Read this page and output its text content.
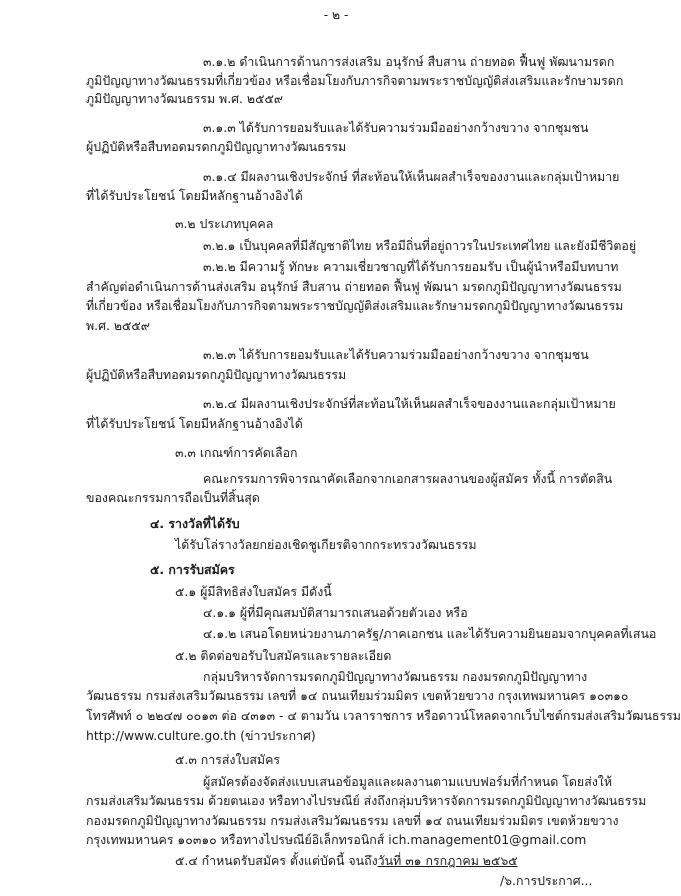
- ๒ -
๓.๑.๒ ดำเนินการด้านการส่งเสริม อนุรักษ์ สืบสาน ถ่ายทอด ฟื้นฟู พัฒนามรดก
ภูมิปัญญาทางวัฒนธรรมที่เกี่ยวข้อง หรือเชื่อมโยงกับภารกิจตามพระราชบัญญัติส่งเสริมและรักษามรดก
ภูมิปัญญาทางวัฒนธรรม พ.ศ. ๒๕๕๙
๓.๑.๓ ได้รับการยอมรับและได้รับความร่วมมืออย่างกว้างขวาง จากชุมชน
ผู้ปฏิบัติหรือสืบทอดมรดกภูมิปัญญาทางวัฒนธรรม
๓.๑.๔ มีผลงานเชิงประจักษ์ ที่สะท้อนให้เห็นผลสำเร็จของงานและกลุ่มเป้าหมาย
ที่ได้รับประโยชน์ โดยมีหลักฐานอ้างอิงได้
๓.๒ ประเภทบุคคล
๓.๒.๑ เป็นบุคคลที่มีสัญชาติไทย หรือมีถิ่นที่อยู่ถาวรในประเทศไทย และยังมีชีวิตอยู่
๓.๒.๒ มีความรู้ ทักษะ ความเชี่ยวชาญที่ได้รับการยอมรับ เป็นผู้นำหรือมีบทบาท
สำคัญต่อดำเนินการด้านส่งเสริม อนุรักษ์ สืบสาน ถ่ายทอด ฟื้นฟู พัฒนา มรดกภูมิปัญญาทางวัฒนธรรม
ที่เกี่ยวข้อง หรือเชื่อมโยงกับภารกิจตามพระราชบัญญัติส่งเสริมและรักษามรดกภูมิปัญญาทางวัฒนธรรม
พ.ศ. ๒๕๕๙
๓.๒.๓ ได้รับการยอมรับและได้รับความร่วมมืออย่างกว้างขวาง จากชุมชน
ผู้ปฏิบัติหรือสืบทอดมรดกภูมิปัญญาทางวัฒนธรรม
๓.๒.๔ มีผลงานเชิงประจักษ์ที่สะท้อนให้เห็นผลสำเร็จของงานและกลุ่มเป้าหมาย
ที่ได้รับประโยชน์ โดยมีหลักฐานอ้างอิงได้
๓.๓ เกณฑ์การคัดเลือก
คณะกรรมการพิจารณาคัดเลือกจากเอกสารผลงานของผู้สมัคร ทั้งนี้ การตัดสิน
ของคณะกรรมการถือเป็นที่สิ้นสุด
๔. รางวัลที่ได้รับ
ได้รับโล่รางวัลยกย่องเชิดชูเกียรติจากกระทรวงวัฒนธรรม
๕. การรับสมัคร
๕.๑ ผู้มีสิทธิส่งใบสมัคร มีดังนี้
๔.๑.๑ ผู้ที่มีคุณสมบัติสามารถเสนอด้วยตัวเอง หรือ
๔.๑.๒ เสนอโดยหน่วยงานภาครัฐ/ภาคเอกชน และได้รับความยินยอมจากบุคคลที่เสนอ
๕.๒ ติดต่อขอรับใบสมัครและรายละเอียด
กลุ่มบริหารจัดการมรดกภูมิปัญญาทางวัฒนธรรม กองมรดกภูมิปัญญาทาง
วัฒนธรรม กรมส่งเสริมวัฒนธรรม เลขที่ ๑๔ ถนนเทียมร่วมมิตร เขตห้วยขวาง กรุงเทพมหานคร ๑๐๓๑๐
โทรศัพท์ ๐ ๒๒๔๗ ๐๐๑๓ ต่อ ๔๓๑๓ - ๔ ตามวัน เวลาราชการ หรือดาวน์โหลดจากเว็บไซต์กรมส่งเสริมวัฒนธรรม
http://www.culture.go.th (ข่าวประกาศ)
๕.๓ การส่งใบสมัคร
ผู้สมัครต้องจัดส่งแบบเสนอข้อมูลและผลงานตามแบบฟอร์มที่กำหนด โดยส่งให้
กรมส่งเสริมวัฒนธรรม ด้วยตนเอง หรือทางไปรษณีย์ ส่งถึงกลุ่มบริหารจัดการมรดกภูมิปัญญาทางวัฒนธรรม
กองมรดกภูมิปัญญาทางวัฒนธรรม กรมส่งเสริมวัฒนธรรม เลขที่ ๑๔ ถนนเทียมร่วมมิตร เขตห้วยขวาง
กรุงเทพมหานคร ๑๐๓๑๐ หรือทางไปรษณีย์อิเล็กทรอนิกส์ ich.management01@gmail.com
๕.๔ กำหนดรับสมัคร ตั้งแต่บัดนี้ จนถึงวันที่ ๓๑ กรกฎาคม ๒๕๖๕
/๖.การประกาศ...
